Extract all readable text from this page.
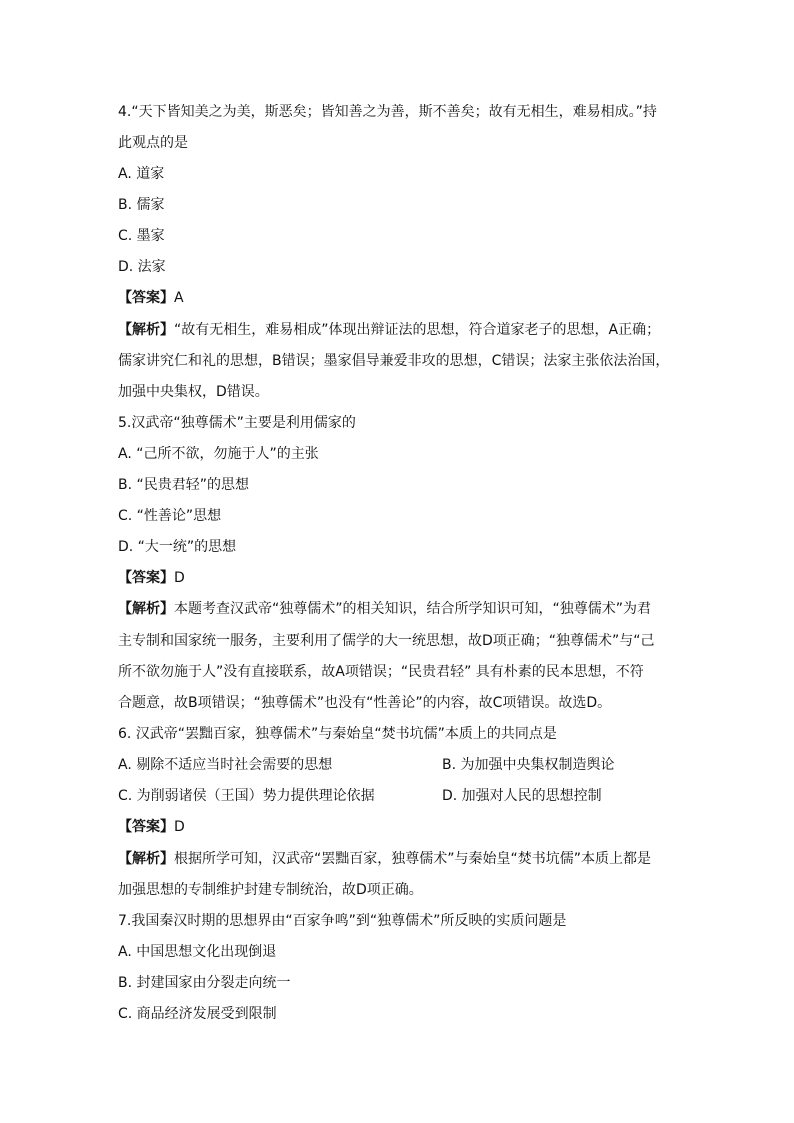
4.“天下皆知美之为美，斯恶矣；皆知善之为善，斯不善矣；故有无相生，难易相成。”持
此观点的是
A. 道家
B. 儒家
C. 墨家
D. 法家
【答案】A
【解析】“故有无相生，难易相成”体现出辩证法的思想，符合道家老子的思想，A正确；
儒家讲究仁和礼的思想，B错误；墨家倡导兼爱非攻的思想，C错误；法家主张依法治国，
加强中央集权，D错误。
5.汉武帝“独尊儒术”主要是利用儒家的
A. “己所不欲，勿施于人”的主张
B. “民贵君轻”的思想
C. “性善论”思想
D. “大一统”的思想
【答案】D
【解析】本题考查汉武帝“独尊儒术”的相关知识，结合所学知识可知，“独尊儒术”为君
主专制和国家统一服务，主要利用了儒学的大一统思想，故D项正确；“独尊儒术”与“己
所不欲勿施于人”没有直接联系，故A项错误；“民贵君轻” 具有朴素的民本思想，不符
合题意，故B项错误；“独尊儒术”也没有“性善论”的内容，故C项错误。故选D。
6. 汉武帝“罢黜百家，独尊儒术”与秦始皇“焚书坑儒”本质上的共同点是
A. 剔除不适应当时社会需要的思想	B. 为加强中央集权制造舆论
C. 为削弱诸侯（王国）势力提供理论依据	D. 加强对人民的思想控制
【答案】D
【解析】根据所学可知，汉武帝“罢黜百家，独尊儒术”与秦始皇“焚书坑儒”本质上都是
加强思想的专制维护封建专制统治，故D项正确。
7.我国秦汉时期的思想界由“百家争鸣”到“独尊儒术”所反映的实质问题是
A. 中国思想文化出现倒退
B. 封建国家由分裂走向统一
C. 商品经济发展受到限制
